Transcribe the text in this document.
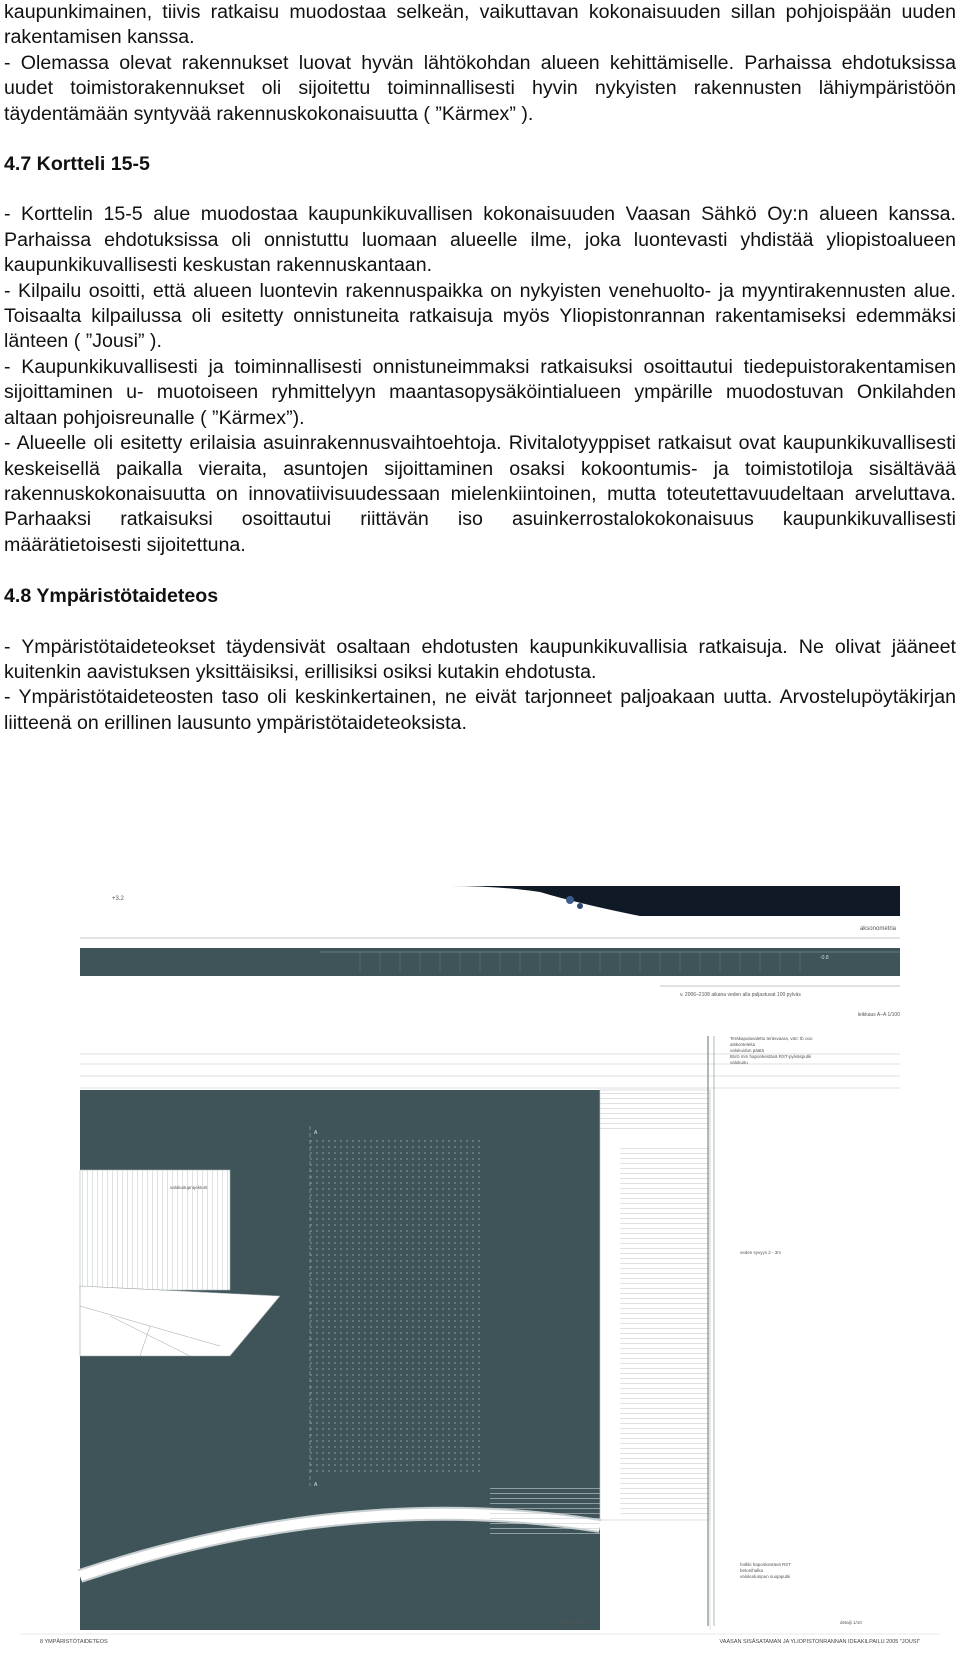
kaupunkimainen, tiivis ratkaisu muodostaa selkeän, vaikuttavan kokonaisuuden sillan pohjoispään uuden rakentamisen kanssa.

- Olemassa olevat rakennukset luovat hyvän lähtökohdan alueen kehittämiselle. Parhaissa ehdotuksissa uudet toimistorakennukset oli sijoitettu toiminnallisesti hyvin nykyisten rakennusten lähiympäristöön täydentämään syntyvää rakennuskokonaisuutta ( ”Kärmex” ).

4.7 Kortteli 15-5

- Korttelin 15-5 alue muodostaa kaupunkikuvallisen kokonaisuuden Vaasan Sähkö Oy:n alueen kanssa. Parhaissa ehdotuksissa oli onnistuttu luomaan alueelle ilme, joka luontevasti yhdistää yliopistoalueen kaupunkikuvallisesti keskustan rakennuskantaan.

- Kilpailu osoitti, että alueen luontevin rakennuspaikka on nykyisten venehuolto- ja myyntirakennusten alue. Toisaalta kilpailussa oli esitetty onnistuneita ratkaisuja myös Yliopistonrannan rakentamiseksi edemmäksi länteen ( ”Jousi” ).

- Kaupunkikuvallisesti ja toiminnallisesti onnistuneimmaksi ratkaisuksi osoittautui tiedepuistorakentamisen sijoittaminen u- muotoiseen ryhmittelyyn maantasopysäköintialueen ympärille muodostuvan Onkilahden altaan pohjoisreunalle ( ”Kärmex”).

- Alueelle oli esitetty erilaisia asuinrakennusvaihtoehtoja. Rivitalotyyppiset ratkaisut ovat kaupunkikuvallisesti keskeisellä paikalla vieraita, asuntojen sijoittaminen osaksi kokoontumis- ja toimistotiloja sisältävää rakennuskokonaisuutta on innovatiivisuudessaan mielenkiintoinen, mutta toteutettavuudeltaan arveluttava. Parhaaksi ratkaisuksi osoittautui riittävän iso asuinkerrostalokokonaisuus kaupunkikuvallisesti määrätietoisesti sijoitettuna.

4.8 Ympäristötaideteos

- Ympäristötaideteokset täydensivät osaltaan ehdotusten kaupunkikuvallisia ratkaisuja. Ne olivat jääneet kuitenkin aavistuksen yksittäisiksi, erillisiksi osiksi kutakin ehdotusta.

- Ympäristötaideteosten taso oli keskinkertainen, ne eivät tarjonneet paljoakaan uutta. Arvostelupöytäkirjan liitteenä on erillinen lausunto ympäristötaideteoksista.

+3.2
aksonometria
-0.8
v. 2006–2108 aikana veden alla paljastuvat 100 pylväs
leikkaus A–A 1/100
A
A
valokuituprojektorit
Teräkapulavalettu teräsvaara, väri: tb ooo
aitikonteleita
valokuidun päätä
Bürö mm haponkestävä RST-pylväsputki
valokuitu
veden syvyys 2 - 3m
holkki haponkestävä RST
betonihalka
valokuitunipun suojaputki
pohja 1/500	detalji 1/10
8 YMPÄRISTÖTAIDETEOS	VAASAN SISÄSATAMAN JA YLIOPISTONRANNAN IDEAKILPAILU 2005 "JOUSI"
